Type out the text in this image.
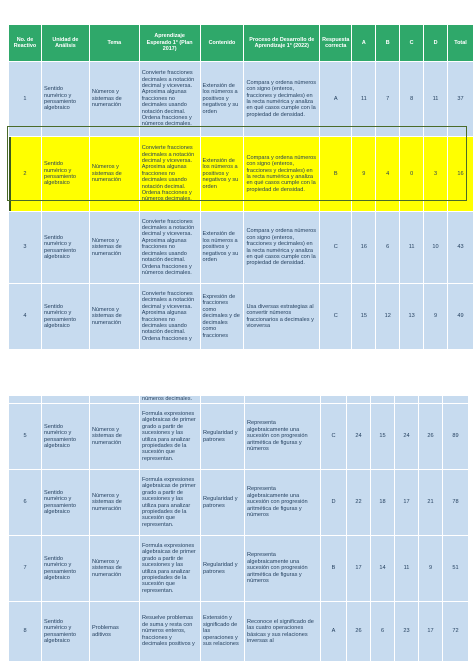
No. de Reactivo	Unidad de Análisis	Tema	Aprendizaje Esperado 1° (Plan 2017)	Contenido	Proceso de Desarrollo de Aprendizaje 1° (2022)	Respuesta correcta	A	B	C	D	Total
1	Sentido numérico y pensamiento algebraico	Números y sistemas de numeración	Convierte fracciones decimales a notación decimal y viceversa. Aproxima algunas fracciones no decimales usando notación decimal. Ordena fracciones y números decimales.	Extensión de los números a positivos y negativos y su orden	Compara y ordena números con signo (enteros, fracciones y decimales) en la recta numérica y analiza en qué casos cumple con la propiedad de densidad.	A	11	7	8	11	37
2	Sentido numérico y pensamiento algebraico	Números y sistemas de numeración	Convierte fracciones decimales a notación decimal y viceversa. Aproxima algunas fracciones no decimales usando notación decimal. Ordena fracciones y números decimales.	Extensión de los números a positivos y negativos y su orden	Compara y ordena números con signo (enteros, fracciones y decimales) en la recta numérica y analiza en qué casos cumple con la propiedad de densidad.	B	9	4	0	3	16
3	Sentido numérico y pensamiento algebraico	Números y sistemas de numeración	Convierte fracciones decimales a notación decimal y viceversa. Aproxima algunas fracciones no decimales usando notación decimal. Ordena fracciones y números decimales.	Extensión de los números a positivos y negativos y su orden	Compara y ordena números con signo (enteros, fracciones y decimales) en la recta numérica y analiza en qué casos cumple con la propiedad de densidad.	C	16	6	11	10	43
4	Sentido numérico y pensamiento algebraico	Números y sistemas de numeración	Convierte fracciones decimales a notación decimal y viceversa. Aproxima algunas fracciones no decimales usando notación decimal. Ordena fracciones y	Expresión de fracciones como decimales y de decimales como fracciones	Usa diversas estrategias al convertir números fraccionarios a decimales y viceversa	C	15	12	13	9	49
			números decimales.								
5	Sentido numérico y pensamiento algebraico	Números y sistemas de numeración	Formula expresiones algebraicas de primer grado a partir de sucesiones y las utiliza para analizar propiedades de la sucesión que representan.	Regularidad y patrones	Representa algebraicamente una sucesión con progresión aritmética de figuras y números	C	24	15	24	26	89
6	Sentido numérico y pensamiento algebraico	Números y sistemas de numeración	Formula expresiones algebraicas de primer grado a partir de sucesiones y las utiliza para analizar propiedades de la sucesión que representan.	Regularidad y patrones	Representa algebraicamente una sucesión con progresión aritmética de figuras y números	D	22	18	17	21	78
7	Sentido numérico y pensamiento algebraico	Números y sistemas de numeración	Formula expresiones algebraicas de primer grado a partir de sucesiones y las utiliza para analizar propiedades de la sucesión que representan.	Regularidad y patrones	Representa algebraicamente una sucesión con progresión aritmética de figuras y números	B	17	14	11	9	51
8	Sentido numérico y pensamiento algebraico	Problemas aditivos	Resuelve problemas de suma y resta con números enteros, fracciones y decimales positivos y	Extensión y significado de las operaciones y sus relaciones	Reconoce el significado de las cuatro operaciones básicas y sus relaciones inversas al	A	26	6	23	17	72
